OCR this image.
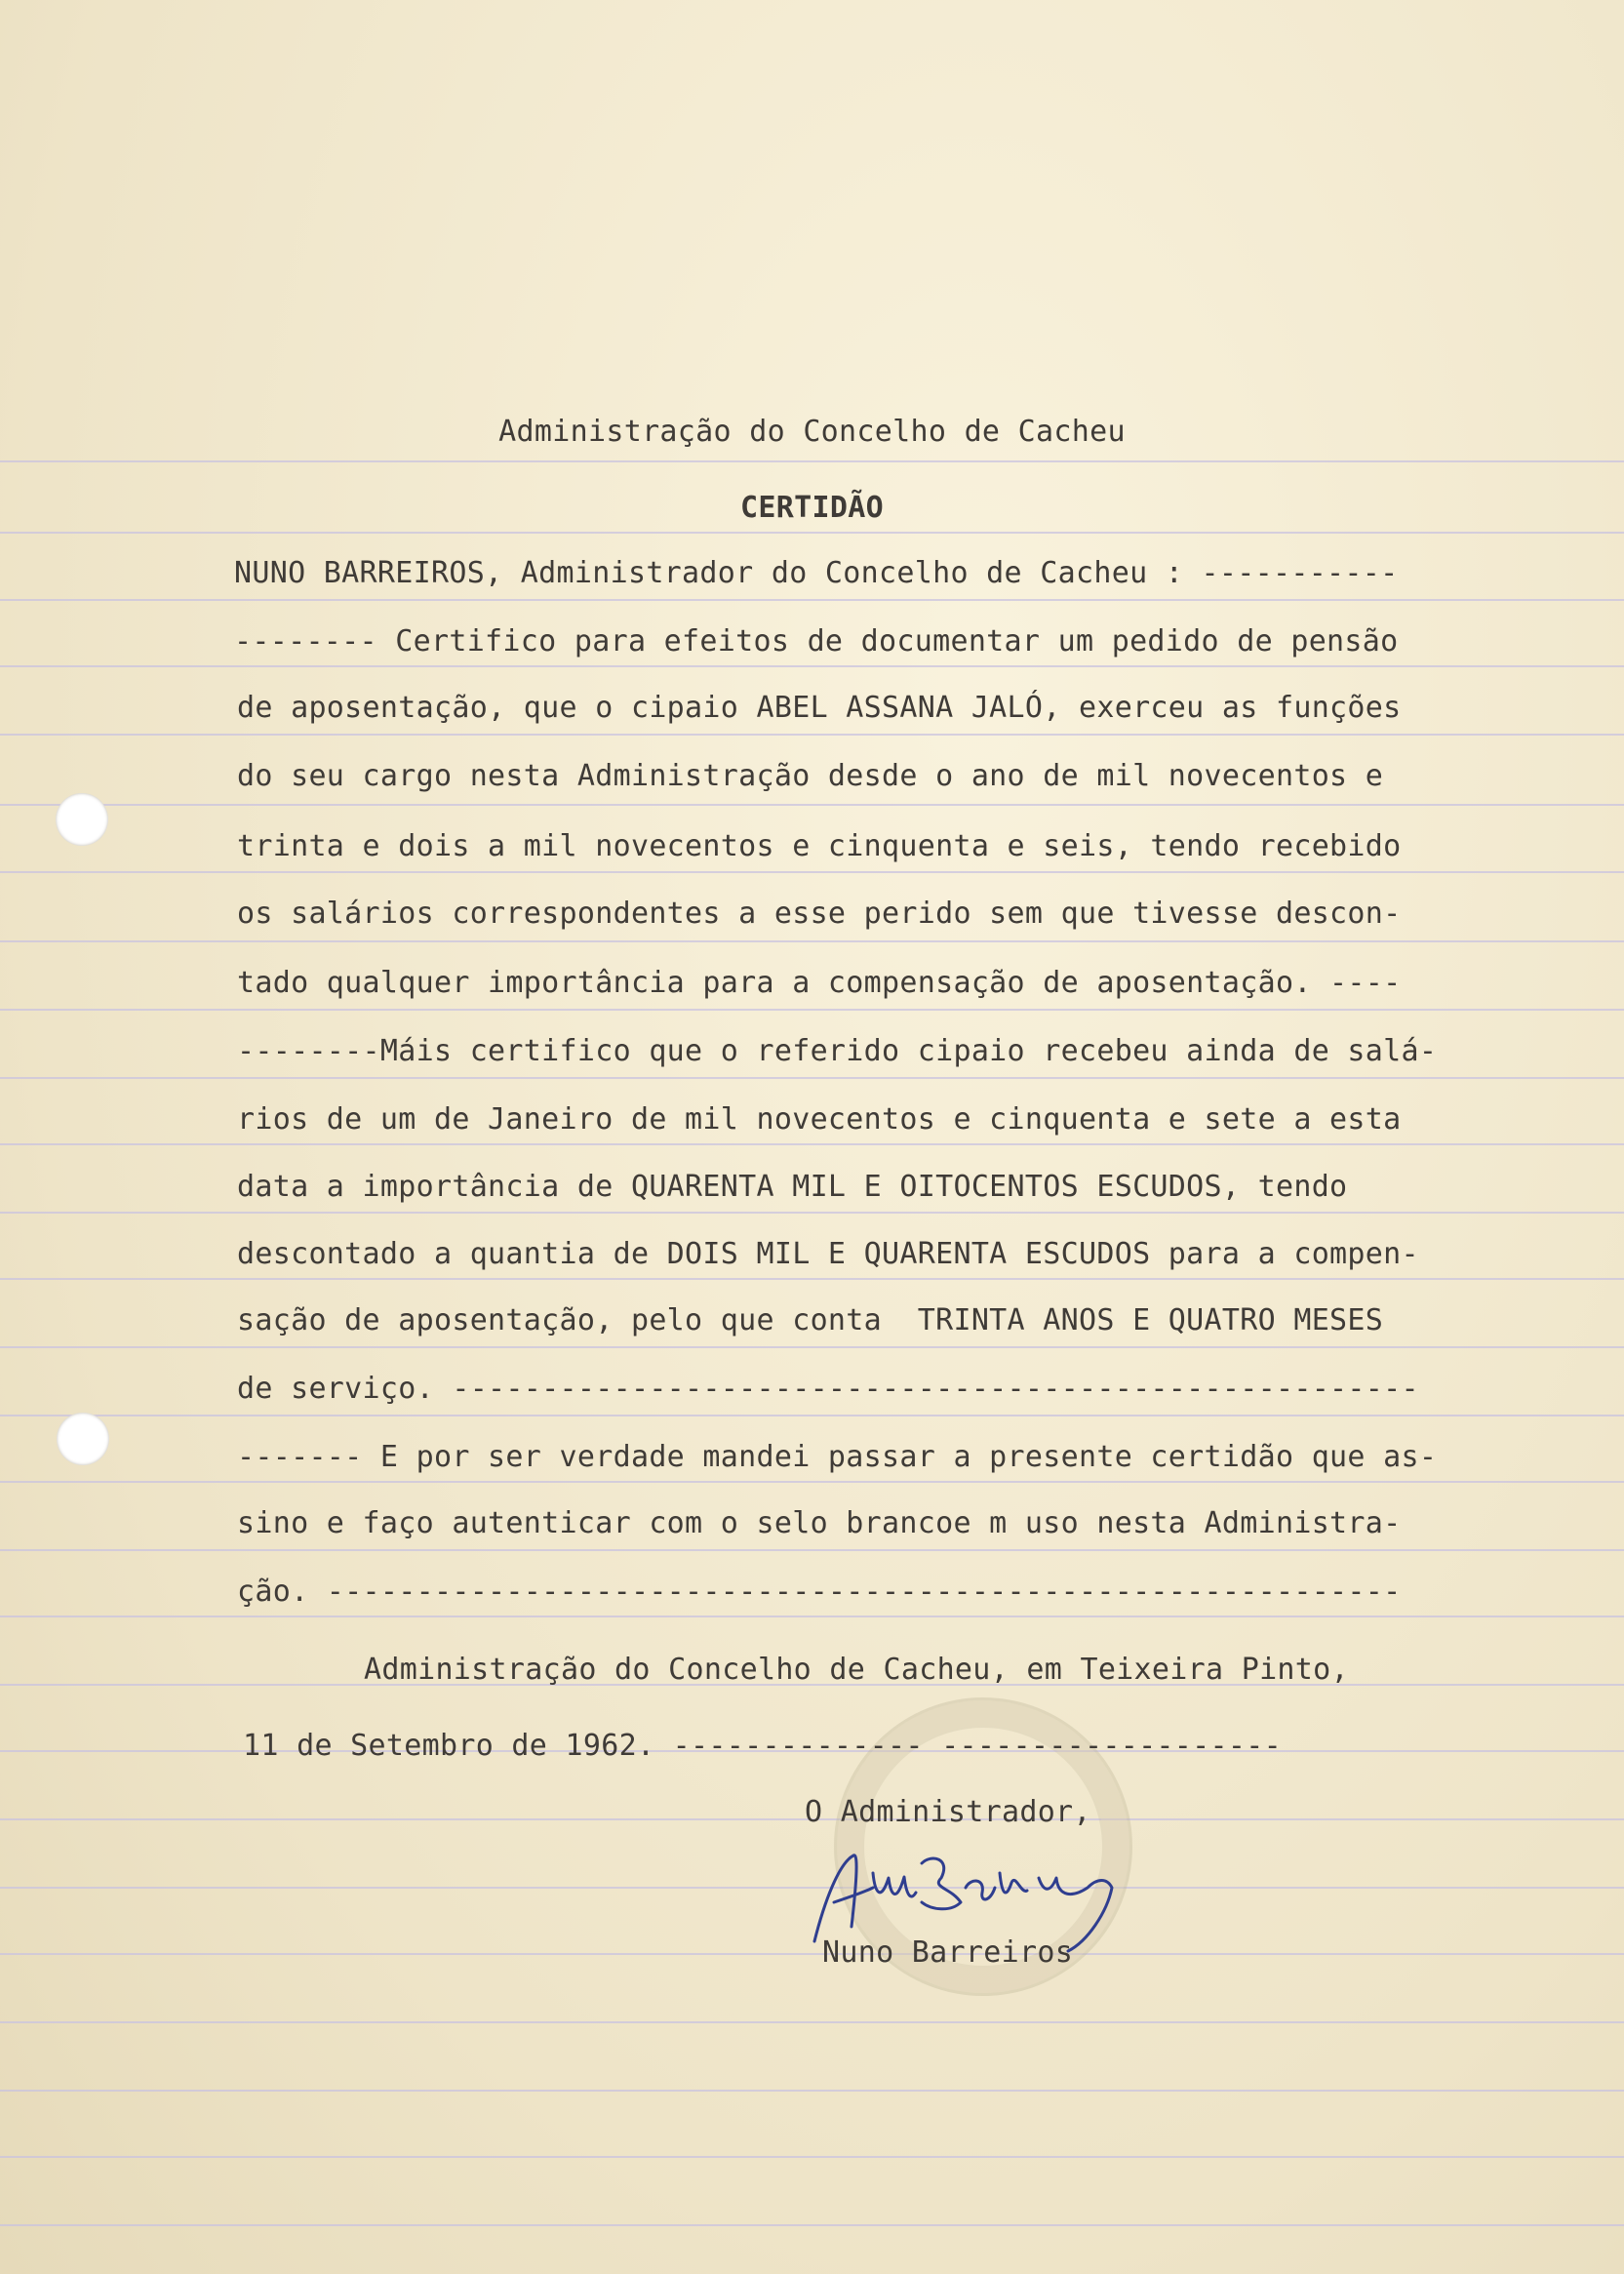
Administração do Concelho de Cacheu
CERTIDÃO
NUNO BARREIROS, Administrador do Concelho de Cacheu : -----------
-------- Certifico para efeitos de documentar um pedido de pensão
de aposentação, que o cipaio ABEL ASSANA JALÓ, exerceu as funções
do seu cargo nesta Administração desde o ano de mil novecentos e
trinta e dois a mil novecentos e cinquenta e seis, tendo recebido
os salários correspondentes a esse perido sem que tivesse descon-
tado qualquer importância para a compensação de aposentação. ----
--------Máis certifico que o referido cipaio recebeu ainda de salá-
rios de um de Janeiro de mil novecentos e cinquenta e sete a esta
data a importância de QUARENTA MIL E OITOCENTOS ESCUDOS, tendo
descontado a quantia de DOIS MIL E QUARENTA ESCUDOS para a compen-
sação de aposentação, pelo que conta  TRINTA ANOS E QUATRO MESES
de serviço. ------------------------------------------------------
------- E por ser verdade mandei passar a presente certidão que as-
sino e faço autenticar com o selo brancoe m uso nesta Administra-
ção. ------------------------------------------------------------
Administração do Concelho de Cacheu, em Teixeira Pinto,
11 de Setembro de 1962. -------------- -------------------
O Administrador,
Nuno Barreiros
